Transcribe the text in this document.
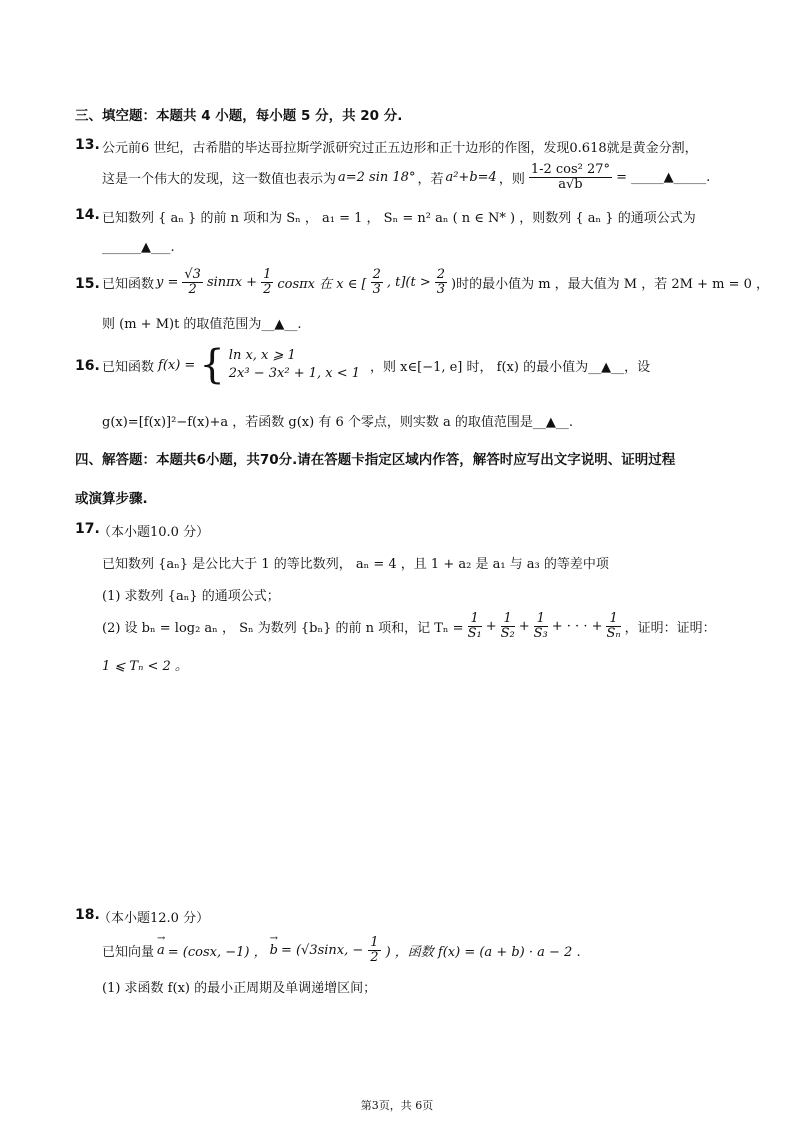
三、填空题：本题共 4 小题，每小题 5 分，共 20 分.
13. 公元前6 世纪，古希腊的毕达哥拉斯学派研究过正五边形和正十边形的作图，发现0.618就是黄金分割，
这是一个伟大的发现，这一数值也表示为 a=2 sin 18° ，若 a²+b=4 ，则 $\frac{\text{1-2 cos² 27°}}{a√b}$ = _____▲_____.
14. 已知数列 { aₙ } 的前 n 项和为 Sₙ ， a₁ = 1 ， Sₙ = n² aₙ ( n ∈ N* ) ，则数列 { aₙ } 的通项公式为
______▲___.
15. 已知函数 $y = \frac{√3}{2}$ $\sin\pi x + \frac{1}{2}$ cosπx 在 x ∈ [ $\frac{2}{3}$ , $t](t > \frac{2}{3}$ )时的最小值为 m ，最大值为 M ，若 2M + m = 0 ，
则 (m + M)t 的取值范围为__▲__.
16. 已知函数 f(x) = { ln x, x ⩾ 1
2x³ − 3x² + 1, x < 1 ，则 x∈[−1, e] 时， f(x) 的最小值为__▲__，设
g(x)=[f(x)]²−f(x)+a ，若函数 g(x) 有 6 个零点，则实数 a 的取值范围是__▲__.
四、解答题：本题共6小题，共70分.请在答题卡指定区域内作答，解答时应写出文字说明、证明过程
或演算步骤.
17.
（本小题10.0 分）
已知数列 {aₙ} 是公比大于 1 的等比数列， aₙ = 4 ，且 1 + a₂ 是 a₁ 与 a₃ 的等差中项
(1) 求数列 {aₙ} 的通项公式；
(2) 设 bₙ = log₂ aₙ ， Sₙ 为数列 {bₙ} 的前 n 项和，记 $T_n = \frac{1}{\text{S₁}} + \frac{1}{\text{S₂}} + \frac{1}{\text{S₃}}$ + · · · + $\frac{1}{\text{Sₙ}}$ ，证明：证明：
1 ⩽ Tₙ < 2 。
18.
（本小题12.0 分）
已知向量 a → = (cosx, −1) ， b → = (√3sinx, − $\frac{1}{2}$ ) ，函数 f(x) = (a + b) · a − 2 .
(1) 求函数 f(x) 的最小正周期及单调递增区间；
第3页，共 6页
